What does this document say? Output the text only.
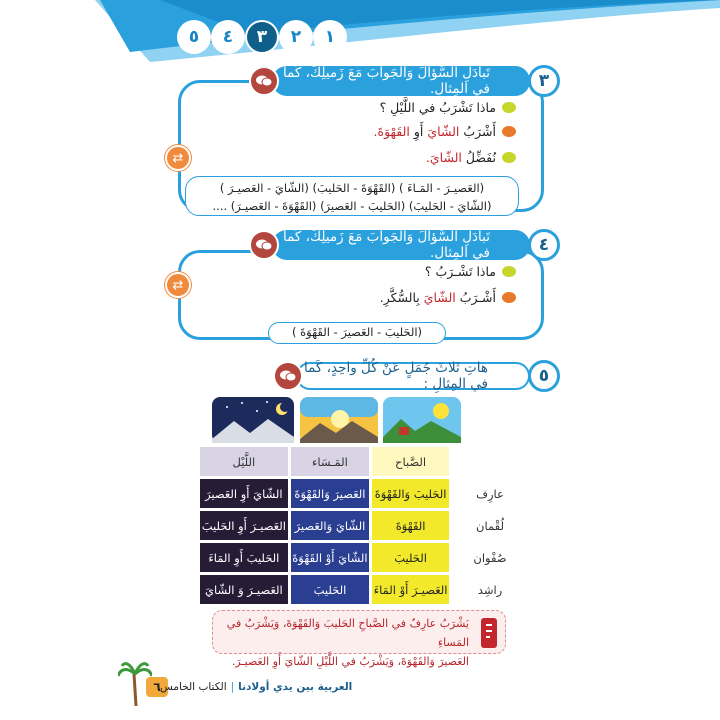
١
٢
٣
٤
٥
تَبادَلِ السُّؤالَ وَالجَوابَ مَعَ زَميلِكَ، كَما في المِثالِ.	٣
⇄
ماذا تَشْرَبُ في اللَّيْلِ ؟
أَشْرَبُ الشّايَ أَوِ القَهْوَةَ.
نُفَضِّلُ الشّايَ.
(العَصيـرَ - المَـاءَ ) (القَهْوَةَ - الحَليبَ) (الشّايَ - العَصيـرَ )
(الشّايَ - الحَليبَ) (الحَليبَ - العَصيرَ) (القَهْوَةَ - العَصيـرَ) ....
تَبادَلِ السُّؤالَ وَالجَوابَ مَعَ زَميلِكَ، كَما في المِثالِ.	٤
⇄
ماذا تَشْـرَبُ ؟
أَشْـرَبُ الشّايَ بِالسُّكَّرِ.
(الحَليبَ - العَصيرَ - القَهْوَةَ )
هاتِ ثَلاثَ جُمَلٍ عَنْ كُلِّ واحِدٍ، كَما في المِثالِ :	٥
	الصَّباح	المَـسَاء	اللَّيْل
عارِف	الحَليبَ وَالقَهْوَةَ	العَصيرَ وَالقَهْوَةَ	الشّايَ أَوِ العَصيرَ
لُقْمان	القَهْوَةَ	الشّايَ وَالعَصيرَ	العَصيـرَ أَوِ الحَليبَ
صُفْوان	الحَليبَ	الشّايَ أَوْ القَهْوَةَ	الحَليبَ أَوِ المَاءَ
راشِد	العَصيـرَ أَوْ المَاءَ	الحَليبَ	العَصيـرَ وَ الشّايَ
يَشْرَبُ عارِفٌ في الصَّباحِ الحَليبَ وَالقَهْوَةَ، وَيَشْرَبُ في المَساءِ
العَصيرَ وَالقَهْوَةَ، وَيَشْرَبُ في اللَّيْلِ الشّايَ أَوِ العَصيـرَ.
٦	العربية بين يدي أولادنا
|
الكتاب الخامس
